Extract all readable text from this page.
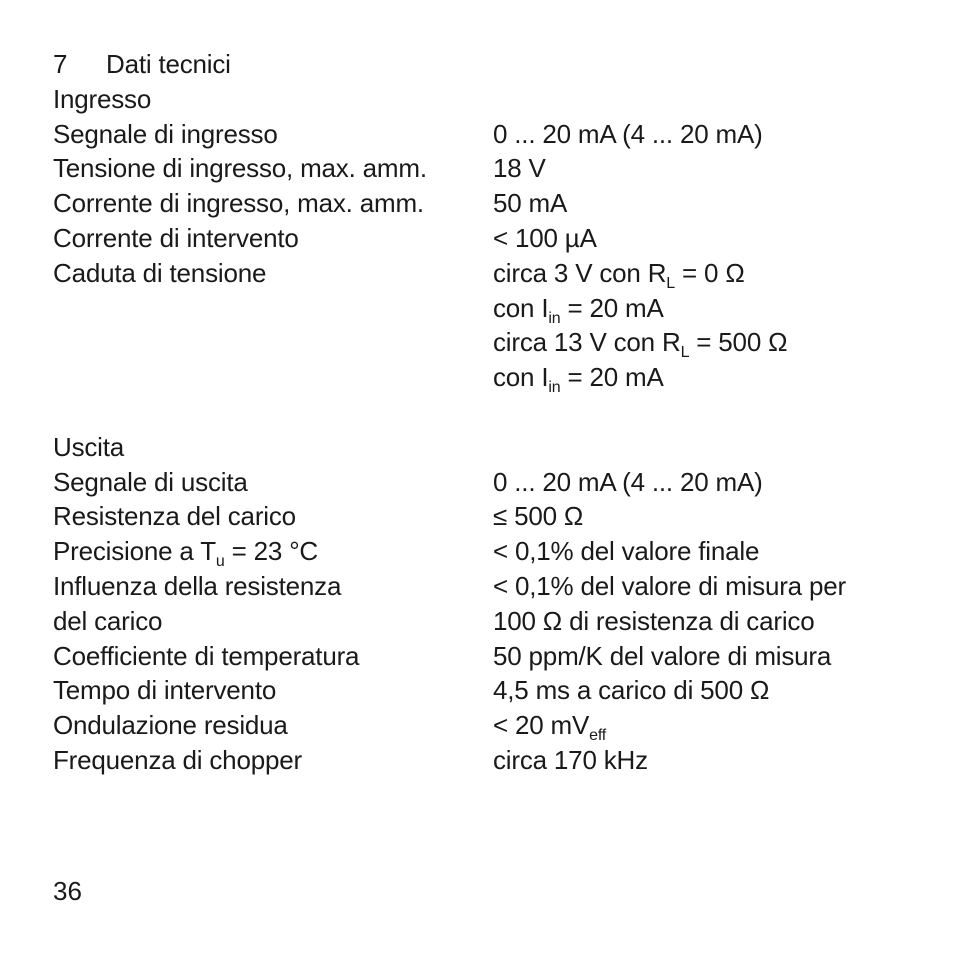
7	Dati tecnici
Ingresso
Segnale di ingresso	0 ... 20 mA (4 ... 20 mA)
Tensione di ingresso, max. amm.	18 V
Corrente di ingresso, max. amm.	50 mA
Corrente di intervento	< 100 µA
Caduta di tensione	circa 3 V con $R_L = 0$ Ω
con $I_{in} = 20$ mA
circa 13 V con $R_L = 500$ Ω
con $I_{in} = 20$ mA
Uscita
Segnale di uscita	0 ... 20 mA (4 ... 20 mA)
Resistenza del carico	≤ 500 Ω
Precisione a $T_u = 23$ °C	< 0,1% del valore finale
Influenza della resistenza	< 0,1% del valore di misura per
del carico	100 Ω di resistenza di carico
Coefficiente di temperatura	50 ppm/K del valore di misura
Tempo di intervento	4,5 ms a carico di 500 Ω
Ondulazione residua	< 20 $mV_{eff}$
Frequenza di chopper	circa 170 kHz
36
